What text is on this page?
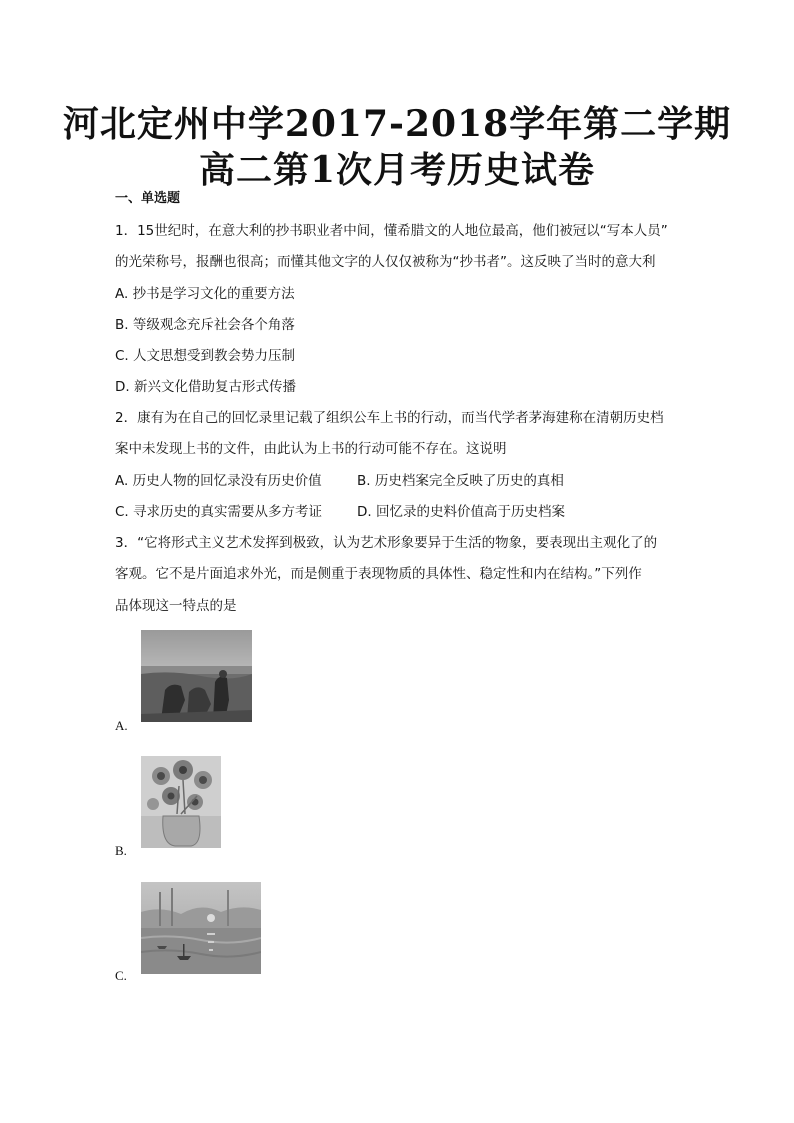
河北定州中学2017-2018学年第二学期
高二第1次月考历史试卷
一、单选题
1．15世纪时，在意大利的抄书职业者中间，懂希腊文的人地位最高，他们被冠以“写本人员”
的光荣称号，报酬也很高；而懂其他文字的人仅仅被称为“抄书者”。这反映了当时的意大利
A. 抄书是学习文化的重要方法
B. 等级观念充斥社会各个角落
C. 人文思想受到教会势力压制
D. 新兴文化借助复古形式传播
2．康有为在自己的回忆录里记载了组织公车上书的行动，而当代学者茅海建称在清朝历史档
案中未发现上书的文件，由此认为上书的行动可能不存在。这说明
A. 历史人物的回忆录没有历史价值	B. 历史档案完全反映了历史的真相
C. 寻求历史的真实需要从多方考证	D. 回忆录的史料价值高于历史档案
3．“它将形式主义艺术发挥到极致，认为艺术形象要异于生活的物象，要表现出主观化了的
客观。它不是片面追求外光，而是侧重于表现物质的具体性、稳定性和内在结构。”下列作
品体现这一特点的是
A.
B.
C.
